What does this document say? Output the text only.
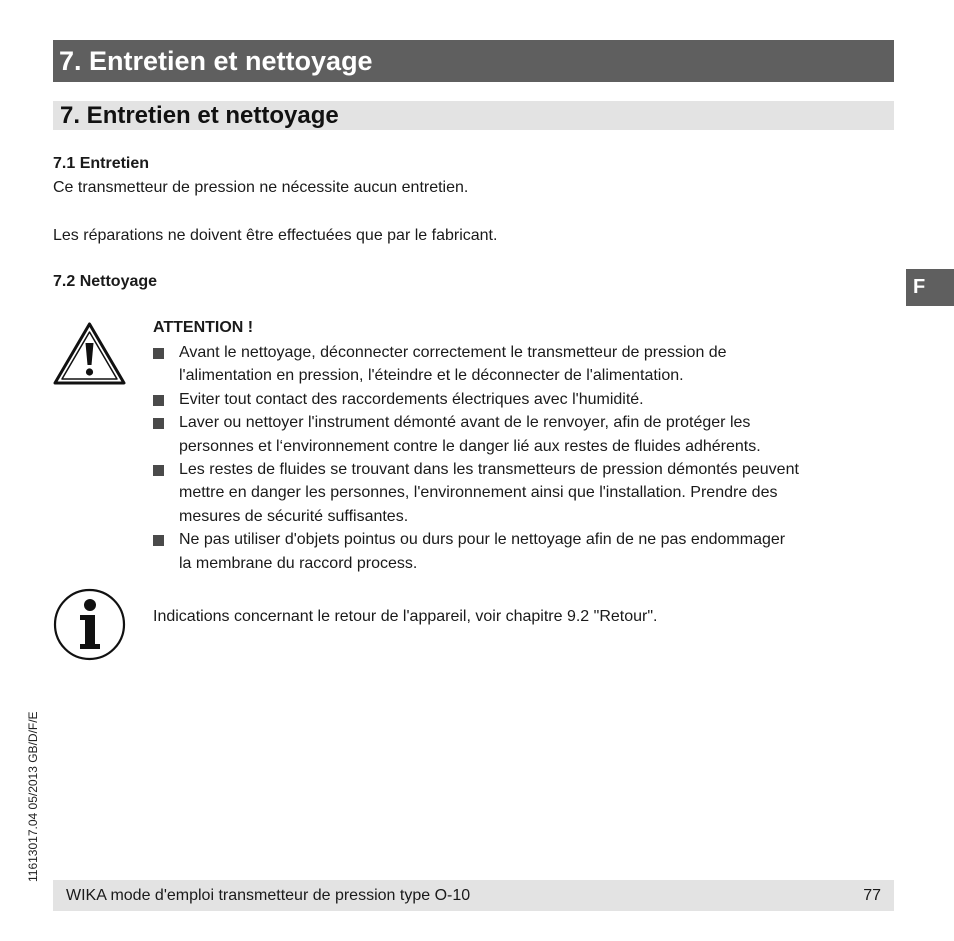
7. Entretien et nettoyage
7. Entretien et nettoyage
F
7.1 Entretien
Ce transmetteur de pression ne nécessite aucun entretien.
Les réparations ne doivent être effectuées que par le fabricant.
7.2 Nettoyage
ATTENTION !
Avant le nettoyage, déconnecter correctement le transmetteur de pression de
l'alimentation en pression, l'éteindre et le déconnecter de l'alimentation.
Eviter tout contact des raccordements électriques avec l'humidité.
Laver ou nettoyer l'instrument démonté avant de le renvoyer, afin de protéger les
personnes et l‘environnement contre le danger lié aux restes de fluides adhérents.
Les restes de fluides se trouvant dans les transmetteurs de pression démontés peuvent
mettre en danger les personnes, l'environnement ainsi que l'installation. Prendre des
mesures de sécurité suffisantes.
Ne pas utiliser d'objets pointus ou durs pour le nettoyage afin de ne pas endommager
la membrane du raccord process.
Indications concernant le retour de l'appareil, voir chapitre 9.2 "Retour".
11613017.04 05/2013 GB/D/F/E
WIKA mode d'emploi transmetteur de pression type O-10	77
